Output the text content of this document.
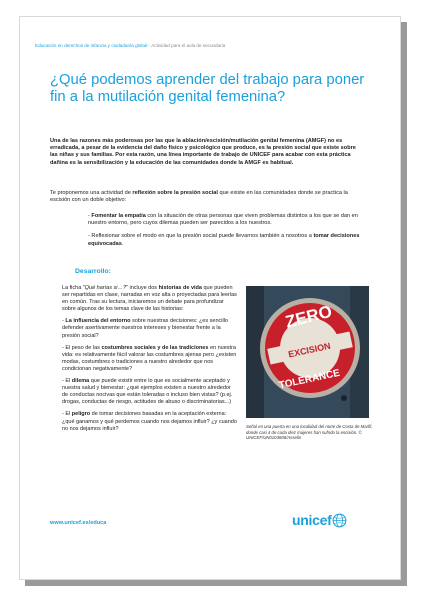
Educación en derechos de infancia y ciudadanía global - Actividad para el aula de secundaria
¿Qué podemos aprender del trabajo para poner fin a la mutilación genital femenina?

Una de las razones más poderosas por las que la ablación/escisión/mutilación genital femenina (AMGF) no es erradicada, a pesar de la evidencia del daño físico y psicológico que produce, es la presión social que existe sobre las niñas y sus familias. Por esta razón, una línea importante de trabajo de UNICEF para acabar con esta práctica dañina es la sensibilización y la educación de las comunidades donde la AMGF es habitual.

Te proponemos una actividad de reflexión sobre la presión social que existe en las comunidades donde se practica la escisión con un doble objetivo:

- Fomentar la empatía con la situación de otras personas que viven problemas distintos a los que se dan en nuestro entorno, pero cuyos dilemas pueden ser parecidos a los nuestros.

- Reflexionar sobre el modo en que la presión social puede llevarnos también a nosotros a tomar decisiones equivocadas.

Desarrollo:

La ficha "Qué harías si…?" incluye dos historias de vida que pueden ser repartidas en clase, narradas en voz alta o proyectadas para leerlas en común. Tras su lectura, iniciaremos un debate para profundizar sobre algunos de los temas clave de las historias:

- La influencia del entorno sobre nuestras decisiones: ¿es sencillo defender asertivamente nuestros intereses y bienestar frente a la presión social?

- El peso de las costumbres sociales y de las tradiciones en nuestra vida: es relativamente fácil valorar las costumbres ajenas pero ¿existen modas, costumbres o tradiciones a nuestro alrededor que nos condicionan negativamente?

- El dilema que puede existir entre lo que es socialmente aceptado y nuestra salud y bienestar: ¿qué ejemplos existen a nuestro alrededor de conductas nocivas que están toleradas o incluso bien vistas? (p.ej. drogas, conductas de riesgo, actitudes de abuso o discriminatorias...)

- El peligro de tomar decisiones basadas en la aceptación externa: ¿qué ganamos y qué perdemos cuando nos dejamos influir? ¿y cuando no nos dejamos influir?

ZERO
EXCISION
TOLERANCE

Señal en una puerta en una localidad del norte de Costa de Marfil, donde casi 4 de cada diez mujeres han sufrido la escisión. © UNICEF/UN0103606/Asselin

www.unicef.es/educa	unicef
